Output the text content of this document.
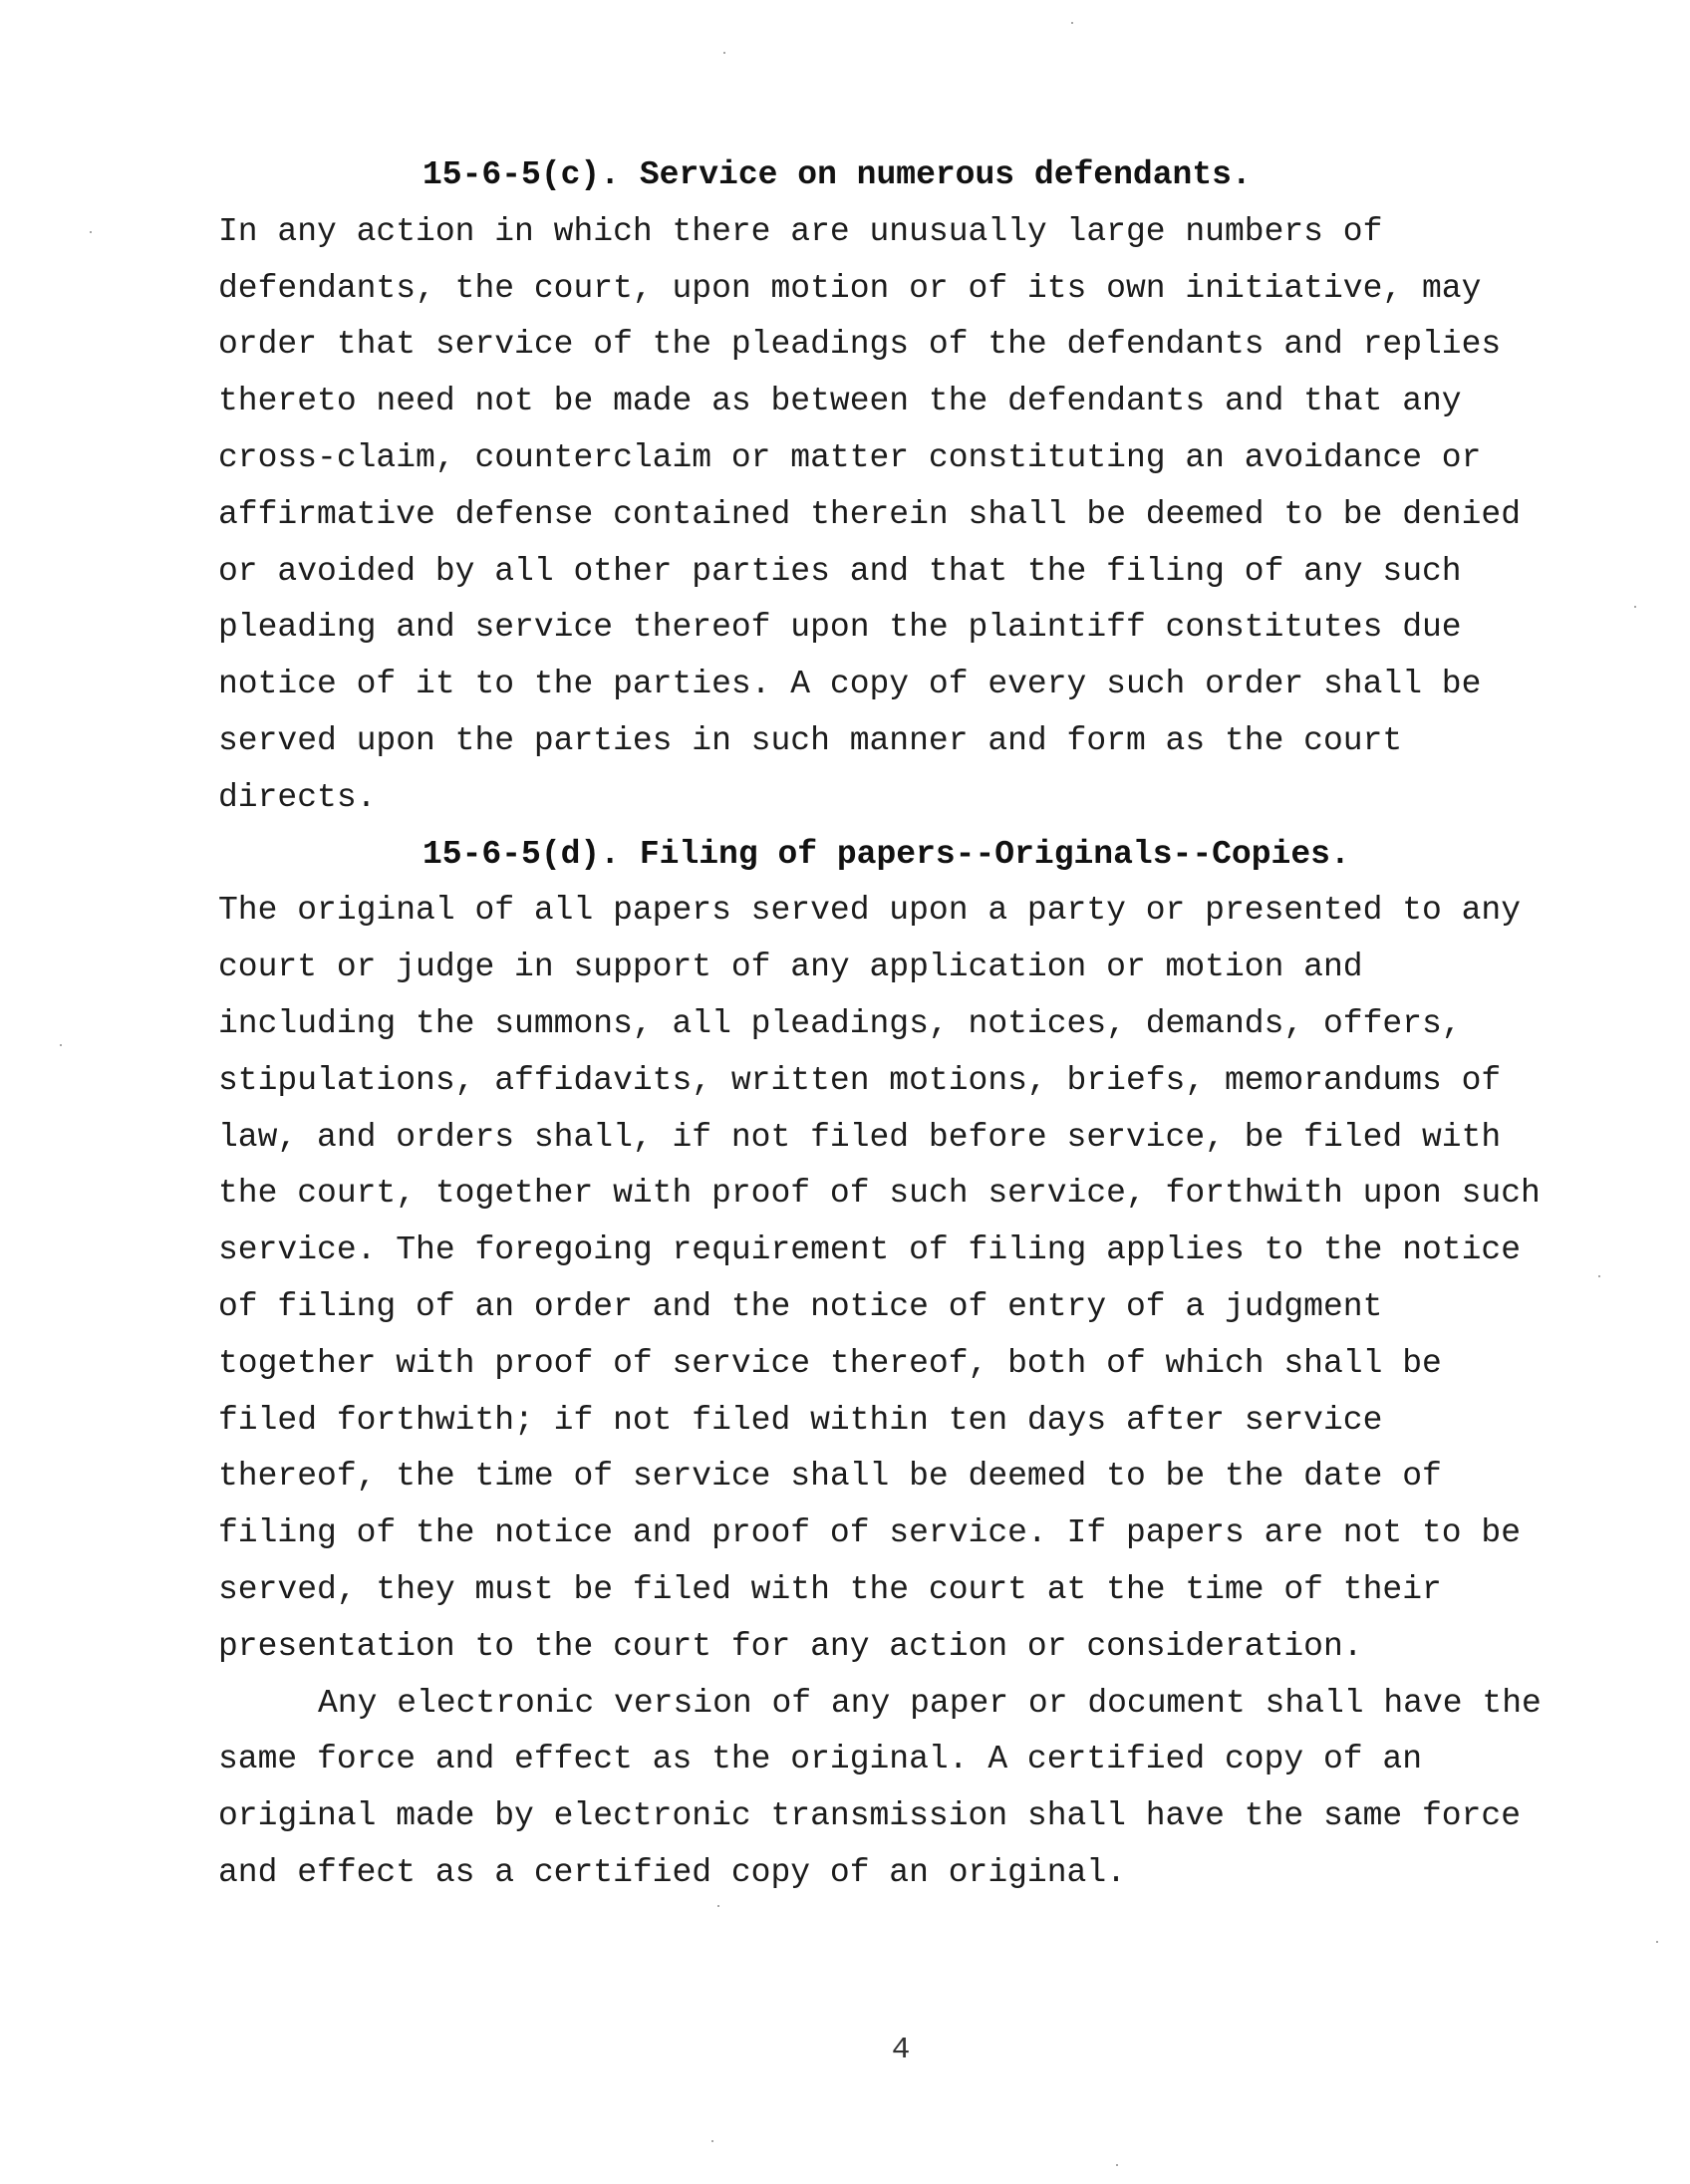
15-6-5(c). Service on numerous defendants.
In any action in which there are unusually large numbers of
defendants, the court, upon motion or of its own initiative, may
order that service of the pleadings of the defendants and replies
thereto need not be made as between the defendants and that any
cross-claim, counterclaim or matter constituting an avoidance or
affirmative defense contained therein shall be deemed to be denied
or avoided by all other parties and that the filing of any such
pleading and service thereof upon the plaintiff constitutes due
notice of it to the parties. A copy of every such order shall be
served upon the parties in such manner and form as the court
directs.
15-6-5(d). Filing of papers--Originals--Copies.
The original of all papers served upon a party or presented to any
court or judge in support of any application or motion and
including the summons, all pleadings, notices, demands, offers,
stipulations, affidavits, written motions, briefs, memorandums of
law, and orders shall, if not filed before service, be filed with
the court, together with proof of such service, forthwith upon such
service. The foregoing requirement of filing applies to the notice
of filing of an order and the notice of entry of a judgment
together with proof of service thereof, both of which shall be
filed forthwith; if not filed within ten days after service
thereof, the time of service shall be deemed to be the date of
filing of the notice and proof of service. If papers are not to be
served, they must be filed with the court at the time of their
presentation to the court for any action or consideration.
Any electronic version of any paper or document shall have the
same force and effect as the original. A certified copy of an
original made by electronic transmission shall have the same force
and effect as a certified copy of an original.
4
